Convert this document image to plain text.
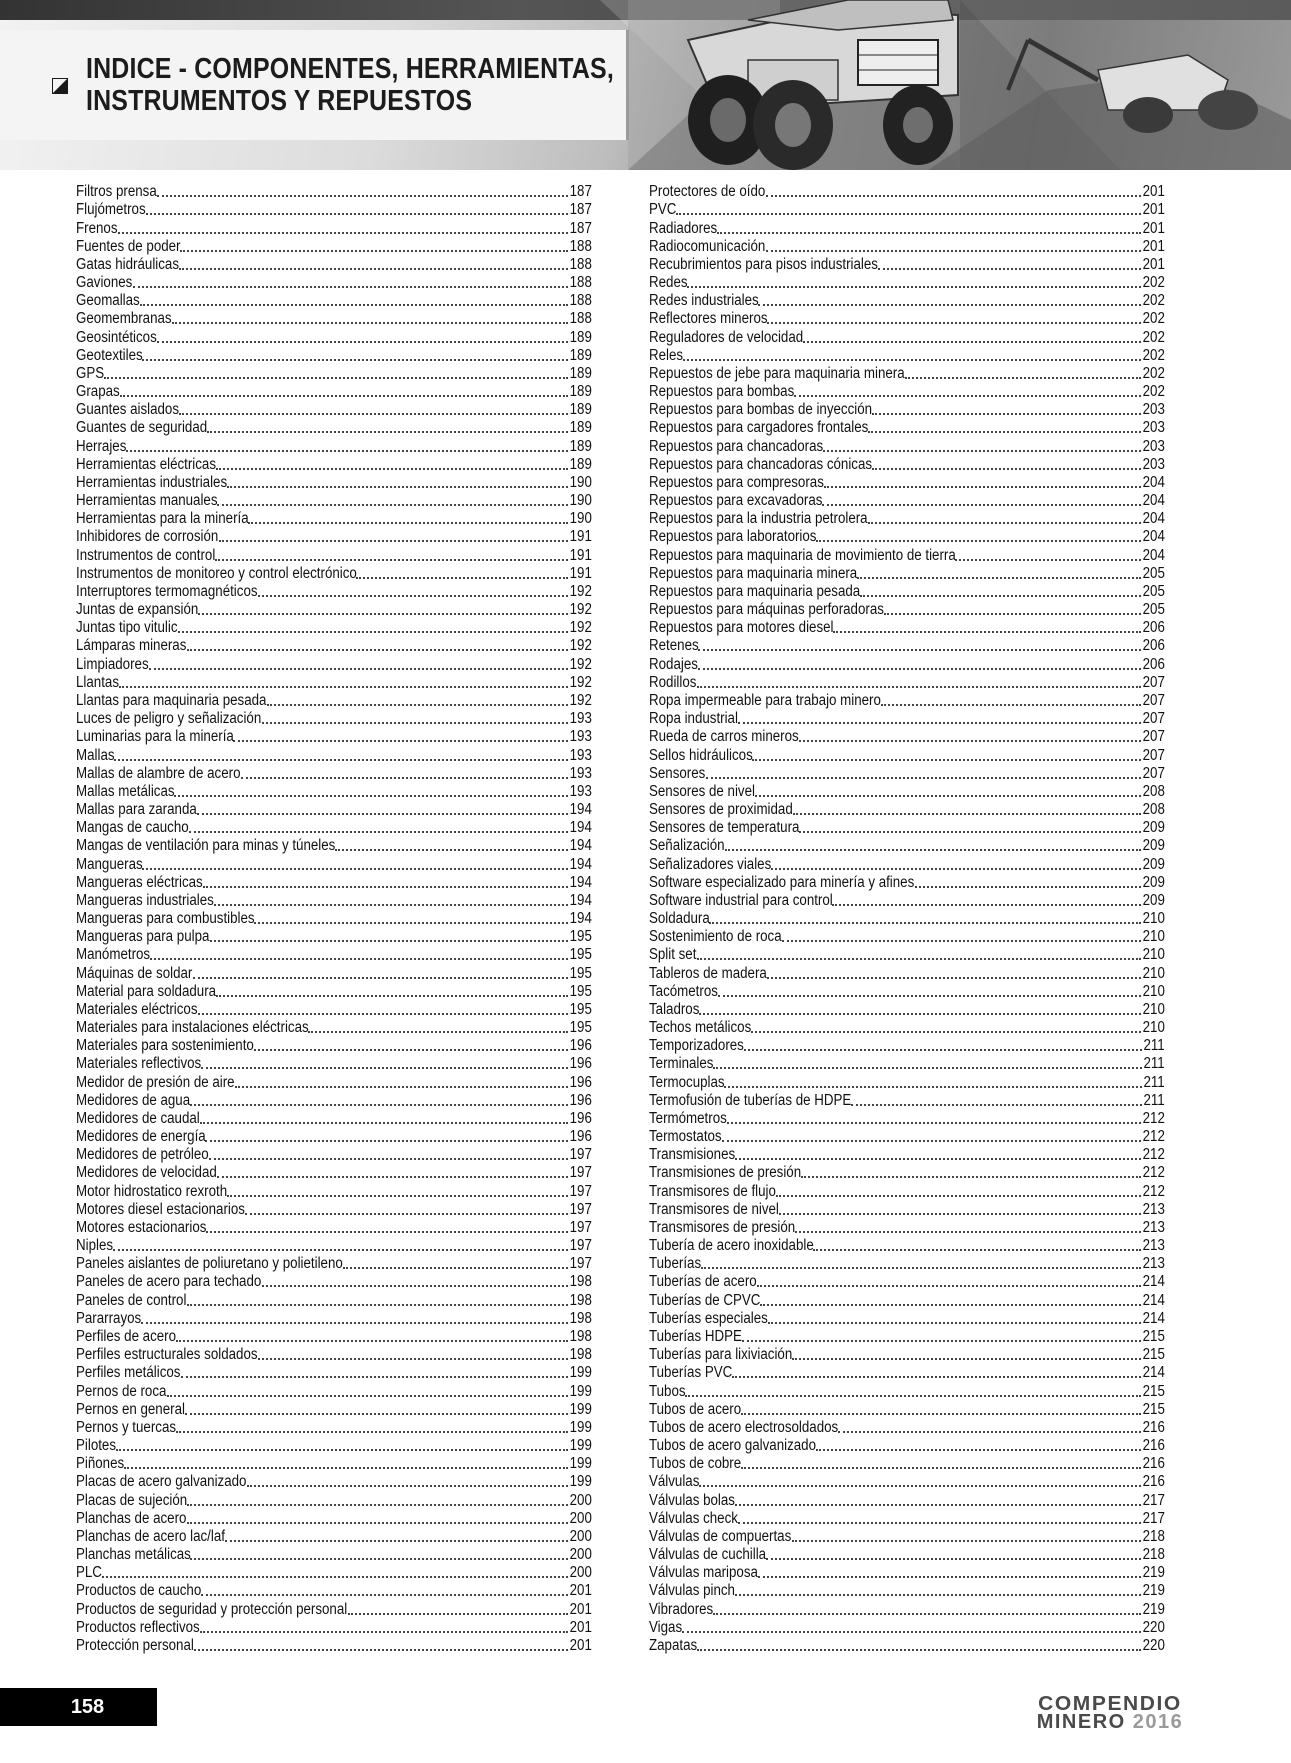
INDICE - COMPONENTES, HERRAMIENTAS,
INSTRUMENTOS Y REPUESTOS
Filtros prensa	187
Flujómetros	187
Frenos	187
Fuentes de poder	188
Gatas hidráulicas	188
Gaviones	188
Geomallas	188
Geomembranas	188
Geosintéticos	189
Geotextiles	189
GPS	189
Grapas	189
Guantes aislados	189
Guantes de seguridad	189
Herrajes	189
Herramientas eléctricas	189
Herramientas industriales	190
Herramientas manuales	190
Herramientas para la minería	190
Inhibidores de corrosión	191
Instrumentos de control	191
Instrumentos de monitoreo y control electrónico	191
Interruptores termomagnéticos	192
Juntas de expansión	192
Juntas tipo vitulic	192
Lámparas mineras	192
Limpiadores	192
Llantas	192
Llantas para maquinaria pesada	192
Luces de peligro y señalización	193
Luminarias para la minería	193
Mallas	193
Mallas de alambre de acero	193
Mallas metálicas	193
Mallas para zaranda	194
Mangas de caucho	194
Mangas de ventilación para minas y túneles	194
Mangueras	194
Mangueras eléctricas	194
Mangueras industriales	194
Mangueras para combustibles	194
Mangueras para pulpa	195
Manómetros	195
Máquinas de soldar	195
Material para soldadura	195
Materiales eléctricos	195
Materiales para instalaciones eléctricas	195
Materiales para sostenimiento	196
Materiales reflectivos	196
Medidor de presión de aire	196
Medidores de agua	196
Medidores de caudal	196
Medidores de energía	196
Medidores de petróleo	197
Medidores de velocidad	197
Motor hidrostatico rexroth	197
Motores diesel estacionarios	197
Motores estacionarios	197
Niples	197
Paneles aislantes de poliuretano y polietileno	197
Paneles de acero para techado	198
Paneles de control	198
Pararrayos	198
Perfiles de acero	198
Perfiles estructurales soldados	198
Perfiles metálicos	199
Pernos de roca	199
Pernos en general	199
Pernos y tuercas	199
Pilotes	199
Piñones	199
Placas de acero galvanizado	199
Placas de sujeción	200
Planchas de acero	200
Planchas de acero lac/laf	200
Planchas metálicas	200
PLC	200
Productos de caucho	201
Productos de seguridad y protección personal	201
Productos reflectivos	201
Protección personal	201
Protectores de oído	201
PVC	201
Radiadores	201
Radiocomunicación	201
Recubrimientos para pisos industriales	201
Redes	202
Redes industriales	202
Reflectores mineros	202
Reguladores de velocidad	202
Reles	202
Repuestos de jebe para maquinaria minera	202
Repuestos para bombas	202
Repuestos para bombas de inyección	203
Repuestos para cargadores frontales	203
Repuestos para chancadoras	203
Repuestos para chancadoras cónicas	203
Repuestos para compresoras	204
Repuestos para excavadoras	204
Repuestos para la industria petrolera	204
Repuestos para laboratorios	204
Repuestos para maquinaria de movimiento de tierra	204
Repuestos para maquinaria minera	205
Repuestos para maquinaria pesada	205
Repuestos para máquinas perforadoras	205
Repuestos para motores diesel	206
Retenes	206
Rodajes	206
Rodillos	207
Ropa impermeable para trabajo minero	207
Ropa industrial	207
Rueda de carros mineros	207
Sellos hidráulicos	207
Sensores	207
Sensores de nivel	208
Sensores de proximidad	208
Sensores de temperatura	209
Señalización	209
Señalizadores viales	209
Software especializado para minería y afines	209
Software industrial para control	209
Soldadura	210
Sostenimiento de roca	210
Split set	210
Tableros de madera	210
Tacómetros	210
Taladros	210
Techos metálicos	210
Temporizadores	211
Terminales	211
Termocuplas	211
Termofusión de tuberías de HDPE	211
Termómetros	212
Termostatos	212
Transmisiones	212
Transmisiones de presión	212
Transmisores de flujo	212
Transmisores de nivel	213
Transmisores de presión	213
Tubería de acero inoxidable	213
Tuberías	213
Tuberías de acero	214
Tuberías de CPVC	214
Tuberías especiales	214
Tuberías HDPE	215
Tuberías para lixiviación	215
Tuberías PVC	214
Tubos	215
Tubos de acero	215
Tubos de acero electrosoldados	216
Tubos de acero galvanizado	216
Tubos de cobre	216
Válvulas	216
Válvulas bolas	217
Válvulas check	217
Válvulas de compuertas	218
Válvulas de cuchilla	218
Válvulas mariposa	219
Válvulas pinch	219
Vibradores	219
Vigas	220
Zapatas	220
158	COMPENDIO
MINERO 2016
